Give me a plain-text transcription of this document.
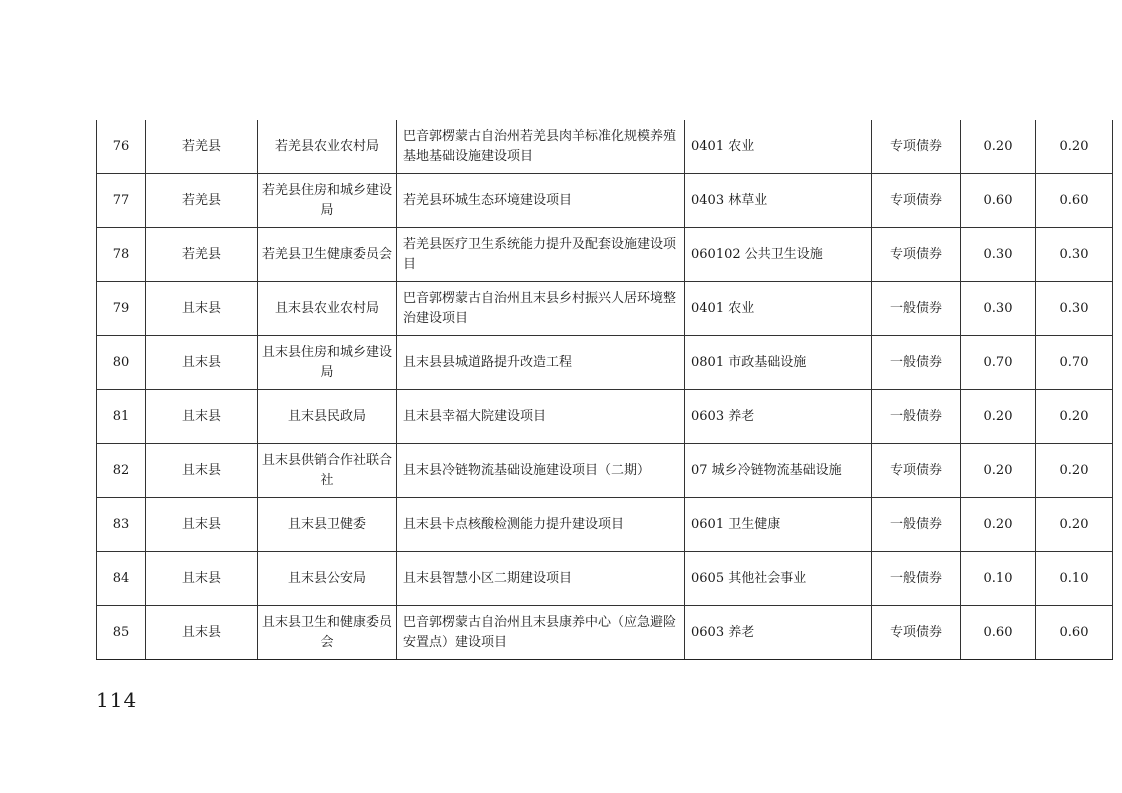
76	若羌县	若羌县农业农村局	巴音郭楞蒙古自治州若羌县肉羊标准化规模养殖基地基础设施建设项目	0401 农业	专项债券	0.20	0.20
77	若羌县	若羌县住房和城乡建设局	若羌县环城生态环境建设项目	0403 林草业	专项债券	0.60	0.60
78	若羌县	若羌县卫生健康委员会	若羌县医疗卫生系统能力提升及配套设施建设项目	060102 公共卫生设施	专项债券	0.30	0.30
79	且末县	且末县农业农村局	巴音郭楞蒙古自治州且末县乡村振兴人居环境整治建设项目	0401 农业	一般债券	0.30	0.30
80	且末县	且末县住房和城乡建设局	且末县县城道路提升改造工程	0801 市政基础设施	一般债券	0.70	0.70
81	且末县	且末县民政局	且末县幸福大院建设项目	0603 养老	一般债券	0.20	0.20
82	且末县	且末县供销合作社联合社	且末县冷链物流基础设施建设项目（二期）	07 城乡冷链物流基础设施	专项债券	0.20	0.20
83	且末县	且末县卫健委	且末县卡点核酸检测能力提升建设项目	0601 卫生健康	一般债券	0.20	0.20
84	且末县	且末县公安局	且末县智慧小区二期建设项目	0605 其他社会事业	一般债券	0.10	0.10
85	且末县	且末县卫生和健康委员会	巴音郭楞蒙古自治州且末县康养中心（应急避险安置点）建设项目	0603 养老	专项债券	0.60	0.60
114
